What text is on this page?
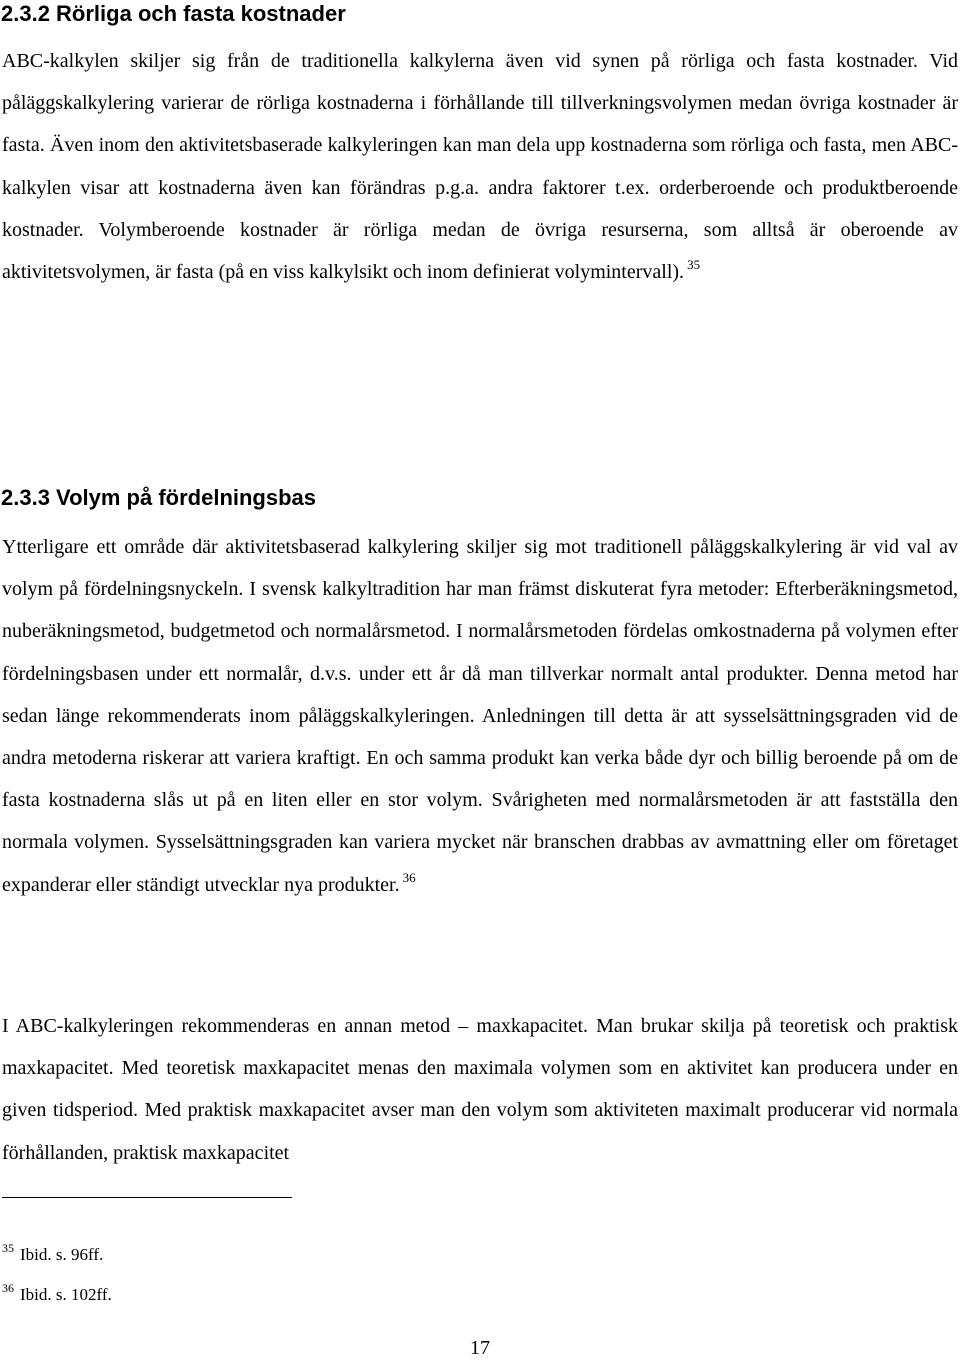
2.3.2 Rörliga och fasta kostnader

ABC-kalkylen skiljer sig från de traditionella kalkylerna även vid synen på rörliga och fasta kostnader. Vid påläggskalkylering varierar de rörliga kostnaderna i förhållande till tillverkningsvolymen medan övriga kostnader är fasta. Även inom den aktivitetsbaserade kalkyleringen kan man dela upp kostnaderna som rörliga och fasta, men ABC-kalkylen visar att kostnaderna även kan förändras p.g.a. andra faktorer t.ex. orderberoende och produktberoende kostnader. Volymberoende kostnader är rörliga medan de övriga resurserna, som alltså är oberoende av aktivitetsvolymen, är fasta (på en viss kalkylsikt och inom definierat volymintervall). $^{35}$

2.3.3 Volym på fördelningsbas

Ytterligare ett område där aktivitetsbaserad kalkylering skiljer sig mot traditionell påläggskalkylering är vid val av volym på fördelningsnyckeln. I svensk kalkyltradition har man främst diskuterat fyra metoder: Efterberäkningsmetod, nuberäkningsmetod, budgetmetod och normalårsmetod. I normalårsmetoden fördelas omkostnaderna på volymen efter fördelningsbasen under ett normalår, d.v.s. under ett år då man tillverkar normalt antal produkter. Denna metod har sedan länge rekommenderats inom påläggskalkyleringen. Anledningen till detta är att sysselsättningsgraden vid de andra metoderna riskerar att variera kraftigt. En och samma produkt kan verka både dyr och billig beroende på om de fasta kostnaderna slås ut på en liten eller en stor volym. Svårigheten med normalårsmetoden är att fastställa den normala volymen. Sysselsättningsgraden kan variera mycket när branschen drabbas av avmattning eller om företaget expanderar eller ständigt utvecklar nya produkter. $^{36}$

I ABC-kalkyleringen rekommenderas en annan metod – maxkapacitet. Man brukar skilja på teoretisk och praktisk maxkapacitet. Med teoretisk maxkapacitet menas den maximala volymen som en aktivitet kan producera under en given tidsperiod. Med praktisk maxkapacitet avser man den volym som aktiviteten maximalt producerar vid normala förhållanden, praktisk maxkapacitet

$^{35}$ Ibid. s. 96ff.
$^{36}$ Ibid. s. 102ff.
17
